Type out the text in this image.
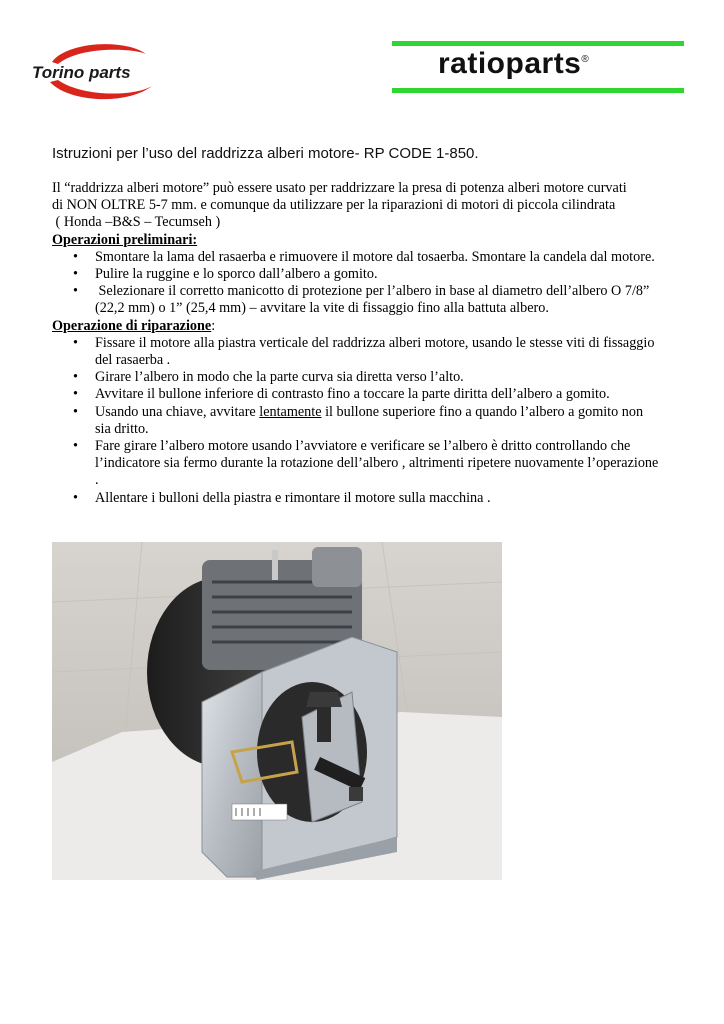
Torino parts	ratioparts®
Istruzioni per l’uso del raddrizza alberi motore- RP CODE 1-850.

Il “raddrizza alberi motore” può essere usato per raddrizzare la presa di potenza alberi motore curvati

di NON OLTRE 5-7 mm. e comunque da utilizzare per la riparazioni di motori di piccola cilindrata

( Honda –B&S – Tecumseh )

Operazioni preliminari:

• Smontare la lama del rasaerba e rimuovere il motore dal tosaerba. Smontare la candela dal motore.
• Pulire la ruggine e lo sporco dall’albero a gomito.
•  Selezionare il corretto manicotto di protezione per l’albero in base al diametro dell’albero O 7/8” (22,2 mm) o 1” (25,4 mm) – avvitare la vite di fissaggio fino alla battuta albero.

Operazione di riparazione:

• Fissare il motore alla piastra verticale del raddrizza alberi motore, usando le stesse viti di fissaggio del rasaerba .
• Girare l’albero in modo che la parte curva sia diretta verso l’alto.
• Avvitare il bullone inferiore di contrasto fino a toccare la parte diritta dell’albero a gomito.
• Usando una chiave, avvitare lentamente il bullone superiore fino a quando l’albero a gomito non sia dritto.
• Fare girare l’albero motore usando l’avviatore e verificare se l’albero è dritto controllando che l’indicatore sia fermo durante la rotazione dell’albero , altrimenti ripetere nuovamente l’operazione .
• Allentare i bulloni della piastra e rimontare il motore sulla macchina .
